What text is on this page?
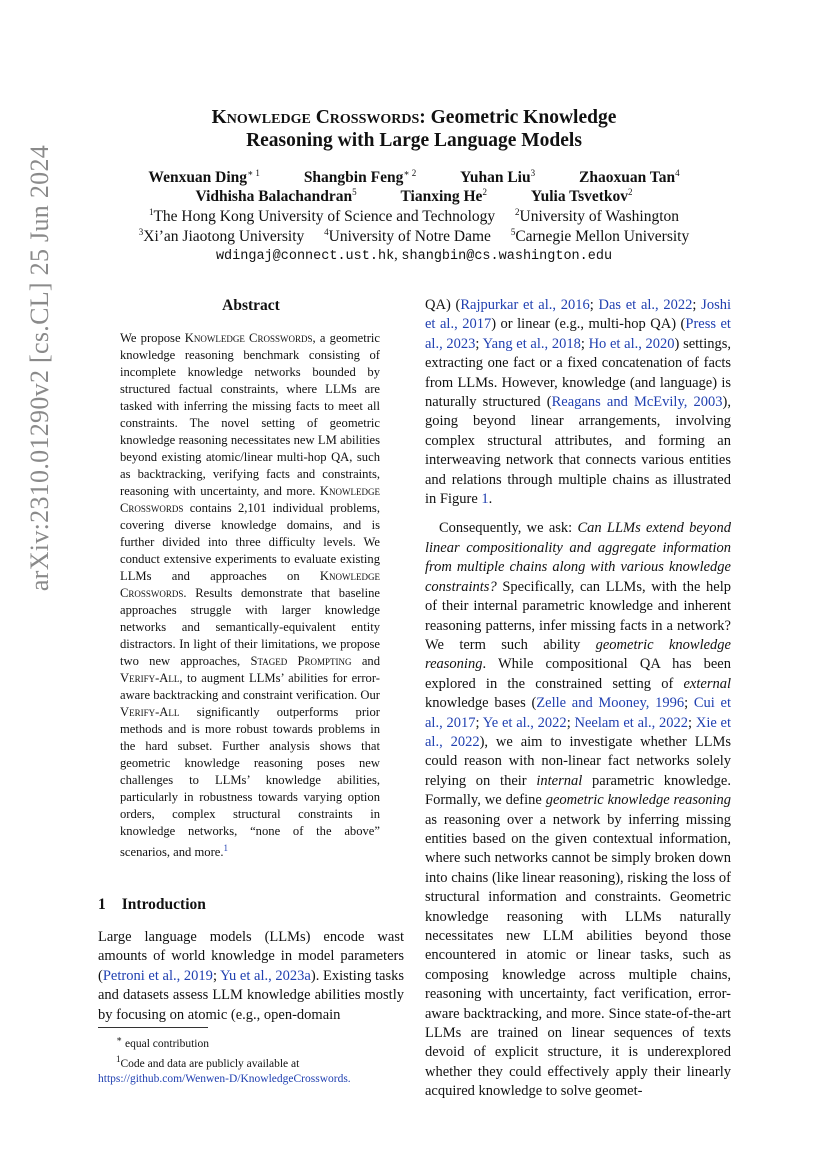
arXiv:2310.01290v2 [cs.CL] 25 Jun 2024
Knowledge Crosswords: Geometric Knowledge
Reasoning with Large Language Models
Wenxuan Ding$^{∗ 1}$	Shangbin Feng$^{∗ 2}$	Yuhan Liu$^3$	Zhaoxuan Tan$^4$
Vidhisha Balachandran$^5$	Tianxing He$^2$	Yulia Tsvetkov$^2$
$^1$The Hong Kong University of Science and Technology $^2$University of Washington
$^3$Xi’an Jiaotong University $^4$University of Notre Dame $^5$Carnegie Mellon University
wdingaj@connect.ust.hk, shangbin@cs.washington.edu
Abstract
We propose Knowledge Crosswords, a geometric knowledge reasoning benchmark consisting of incomplete knowledge networks bounded by structured factual constraints, where LLMs are tasked with inferring the missing facts to meet all constraints. The novel setting of geometric knowledge reasoning necessitates new LM abilities beyond existing atomic/linear multi-hop QA, such as backtracking, verifying facts and constraints, reasoning with uncertainty, and more. Knowledge Crosswords contains 2,101 individual problems, covering diverse knowledge domains, and is further divided into three difficulty levels. We conduct extensive experiments to evaluate existing LLMs and approaches on Knowledge Crosswords. Results demonstrate that baseline approaches struggle with larger knowledge networks and semantically-equivalent entity distractors. In light of their limitations, we propose two new approaches, Staged Prompting and Verify-All, to augment LLMs’ abilities for error-aware backtracking and constraint verification. Our Verify-All significantly outperforms prior methods and is more robust towards problems in the hard subset. Further analysis shows that geometric knowledge reasoning poses new challenges to LLMs’ knowledge abilities, particularly in robustness towards varying option orders, complex structural constraints in knowledge networks, “none of the above” scenarios, and more.$^1$
1 Introduction
Large language models (LLMs) encode wast amounts of world knowledge in model parameters (Petroni et al., 2019; Yu et al., 2023a). Existing tasks and datasets assess LLM knowledge abilities mostly by focusing on atomic (e.g., open-domain
∗ equal contribution
$^1$Code and data are publicly available at
https://github.com/Wenwen-D/KnowledgeCrosswords.

QA) (Rajpurkar et al., 2016; Das et al., 2022; Joshi et al., 2017) or linear (e.g., multi-hop QA) (Press et al., 2023; Yang et al., 2018; Ho et al., 2020) settings, extracting one fact or a fixed concatenation of facts from LLMs. However, knowledge (and language) is naturally structured (Reagans and McEvily, 2003), going beyond linear arrangements, involving complex structural attributes, and forming an interweaving network that connects various entities and relations through multiple chains as illustrated in Figure 1.

Consequently, we ask: Can LLMs extend beyond linear compositionality and aggregate information from multiple chains along with various knowledge constraints? Specifically, can LLMs, with the help of their internal parametric knowledge and inherent reasoning patterns, infer missing facts in a network? We term such ability geometric knowledge reasoning. While compositional QA has been explored in the constrained setting of external knowledge bases (Zelle and Mooney, 1996; Cui et al., 2017; Ye et al., 2022; Neelam et al., 2022; Xie et al., 2022), we aim to investigate whether LLMs could reason with non-linear fact networks solely relying on their internal parametric knowledge. Formally, we define geometric knowledge reasoning as reasoning over a network by inferring missing entities based on the given contextual information, where such networks cannot be simply broken down into chains (like linear reasoning), risking the loss of structural information and constraints. Geometric knowledge reasoning with LLMs naturally necessitates new LLM abilities beyond those encountered in atomic or linear tasks, such as composing knowledge across multiple chains, reasoning with uncertainty, fact verification, error-aware backtracking, and more. Since state-of-the-art LLMs are trained on linear sequences of texts devoid of explicit structure, it is underexplored whether they could effectively apply their linearly acquired knowledge to solve geomet-
